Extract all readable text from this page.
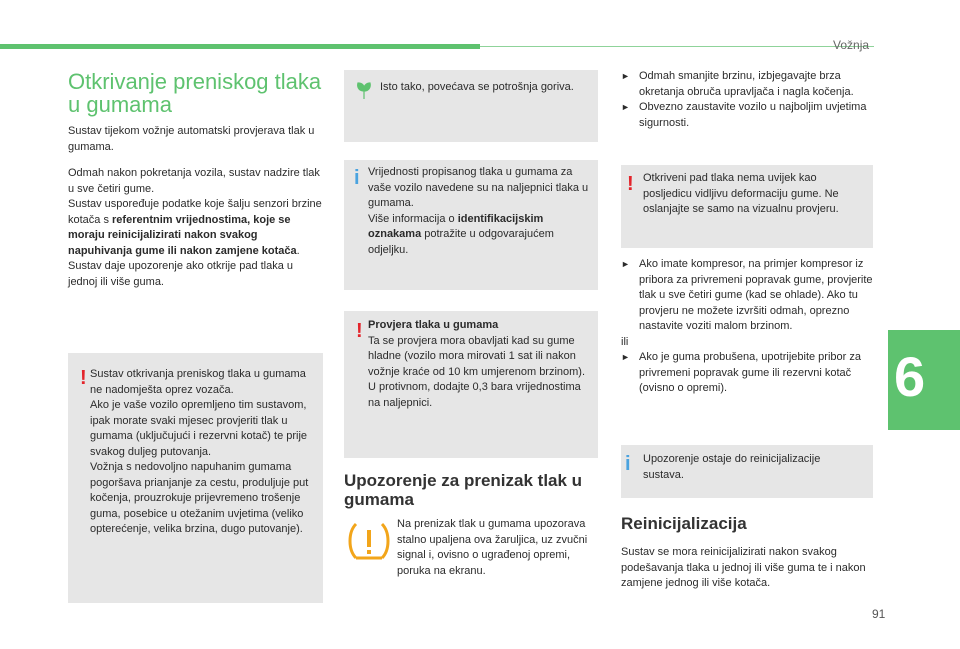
Vožnja
6
91
Otkrivanje preniskog tlaka u gumama

Sustav tijekom vožnje automatski provjerava tlak u gumama.

Odmah nakon pokretanja vozila, sustav nadzire tlak u sve četiri gume.
Sustav uspoređuje podatke koje šalju senzori brzine kotača s referentnim vrijednostima, koje se moraju reinicijalizirati nakon svakog napuhivanja gume ili nakon zamjene kotača.
Sustav daje upozorenje ako otkrije pad tlaka u jednoj ili više guma.
! Sustav otkrivanja preniskog tlaka u gumama ne nadomješta oprez vozača.
Ako je vaše vozilo opremljeno tim sustavom, ipak morate svaki mjesec provjeriti tlak u gumama (uključujući i rezervni kotač) te prije svakog duljeg putovanja.
Vožnja s nedovoljno napuhanim gumama pogoršava prianjanje za cestu, produljuje put kočenja, prouzrokuje prijevremeno trošenje guma, posebice u otežanim uvjetima (veliko opterećenje, velika brzina, dugo putovanje).

Isto tako, povećava se potrošnja goriva.

i Vrijednosti propisanog tlaka u gumama za vaše vozilo navedene su na naljepnici tlaka u gumama.
Više informacija o identifikacijskim oznakama potražite u odgovarajućem odjeljku.
! Provjera tlaka u gumama
Ta se provjera mora obavljati kad su gume hladne (vozilo mora mirovati 1 sat ili nakon vožnje kraće od 10 km umjerenom brzinom).
U protivnom, dodajte 0,3 bara vrijednostima na naljepnici.
Upozorenje za prenizak tlak u gumama

Na prenizak tlak u gumama upozorava stalno upaljena ova žaruljica, uz zvučni signal i, ovisno o ugrađenoj opremi, poruka na ekranu.

► Odmah smanjite brzinu, izbjegavajte brza okretanja obruča upravljača i nagla kočenja.
► Obvezno zaustavite vozilo u najboljim uvjetima sigurnosti.
! Otkriveni pad tlaka nema uvijek kao posljedicu vidljivu deformaciju gume. Ne oslanjajte se samo na vizualnu provjeru.

► Ako imate kompresor, na primjer kompresor iz pribora za privremeni popravak gume, provjerite tlak u sve četiri gume (kad se ohlade). Ako tu provjeru ne možete izvršiti odmah, oprezno nastavite voziti malom brzinom.
ili
► Ako je guma probušena, upotrijebite pribor za privremeni popravak gume ili rezervni kotač (ovisno o opremi).
i Upozorenje ostaje do reinicijalizacije sustava.

Reinicijalizacija

Sustav se mora reinicijalizirati nakon svakog podešavanja tlaka u jednoj ili više guma te i nakon zamjene jednog ili više kotača.
